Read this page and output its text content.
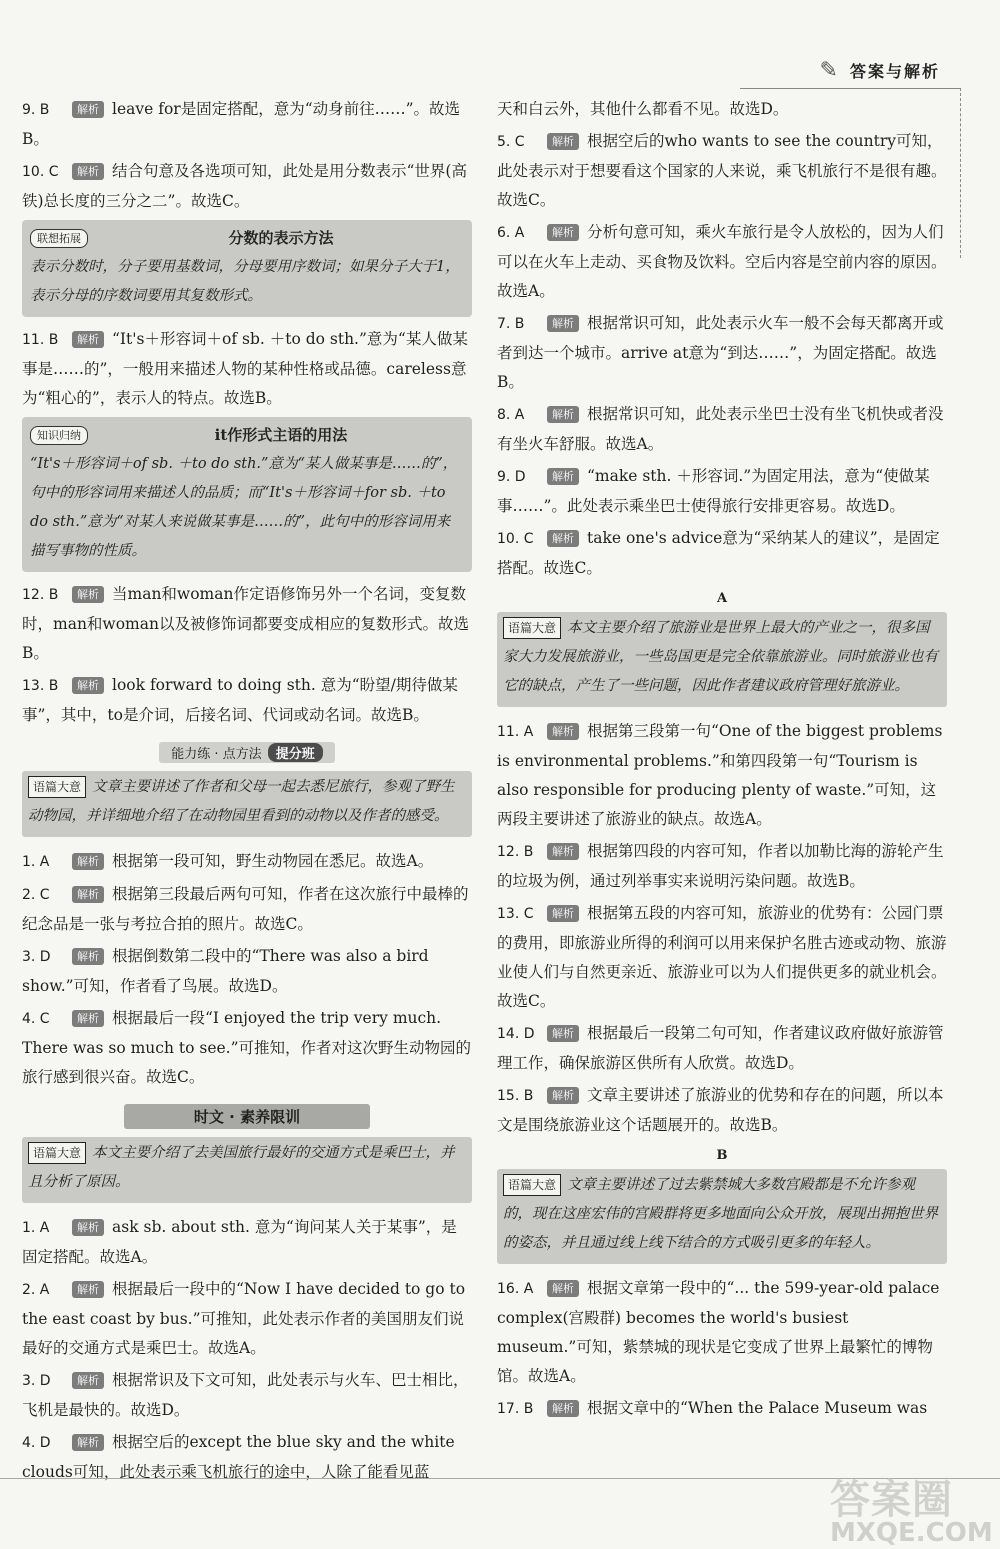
✎ 答案与解析
9. B	解析 leave for是固定搭配，意为“动身前往……”。故选B。
10. C 解析 结合句意及各选项可知，此处是用分数表示“世界(高铁)总长度的三分之二”。故选C。
联想拓展	分数的表示方法
表示分数时，分子要用基数词，分母要用序数词；如果分子大于1，表示分母的序数词要用其复数形式。
11. B 解析 “It's＋形容词＋of sb. ＋to do sth.”意为“某人做某事是……的”，一般用来描述人物的某种性格或品德。careless意为“粗心的”，表示人的特点。故选B。
知识归纳	it作形式主语的用法
“It's＋形容词＋of sb. ＋to do sth.”意为“某人做某事是……的”，句中的形容词用来描述人的品质；而“It's＋形容词＋for sb. ＋to do sth.”意为“对某人来说做某事是……的”，此句中的形容词用来描写事物的性质。
12. B 解析 当man和woman作定语修饰另外一个名词，变复数时，man和woman以及被修饰词都要变成相应的复数形式。故选B。
13. B 解析 look forward to doing sth. 意为“盼望/期待做某事”，其中，to是介词，后接名词、代词或动名词。故选B。
能力练 · 点方法 提分班
语篇大意 文章主要讲述了作者和父母一起去悉尼旅行，参观了野生动物园，并详细地介绍了在动物园里看到的动物以及作者的感受。
1. A	解析 根据第一段可知，野生动物园在悉尼。故选A。
2. C 解析 根据第三段最后两句可知，作者在这次旅行中最棒的纪念品是一张与考拉合拍的照片。故选C。
3. D 解析 根据倒数第二段中的“There was also a bird show.”可知，作者看了鸟展。故选D。
4. C 解析 根据最后一段“I enjoyed the trip very much. There was so much to see.”可推知，作者对这次野生动物园的旅行感到很兴奋。故选C。
时文 · 素养限训
语篇大意 本文主要介绍了去美国旅行最好的交通方式是乘巴士，并且分析了原因。
1. A	解析 ask sb. about sth. 意为“询问某人关于某事”，是固定搭配。故选A。
2. A	解析 根据最后一段中的“Now I have decided to go to the east coast by bus.”可推知，此处表示作者的美国朋友们说最好的交通方式是乘巴士。故选A。
3. D 解析 根据常识及下文可知，此处表示与火车、巴士相比，飞机是最快的。故选D。
4. D 解析 根据空后的except the blue sky and the white clouds可知，此处表示乘飞机旅行的途中，人除了能看见蓝
天和白云外，其他什么都看不见。故选D。
5. C 解析 根据空后的who wants to see the country可知，此处表示对于想要看这个国家的人来说，乘飞机旅行不是很有趣。故选C。
6. A	解析 分析句意可知，乘火车旅行是令人放松的，因为人们可以在火车上走动、买食物及饮料。空后内容是空前内容的原因。故选A。
7. B	解析 根据常识可知，此处表示火车一般不会每天都离开或者到达一个城市。arrive at意为“到达……”，为固定搭配。故选B。
8. A	解析 根据常识可知，此处表示坐巴士没有坐飞机快或者没有坐火车舒服。故选A。
9. D 解析 “make sth. ＋形容词.”为固定用法，意为“使做某事……”。此处表示乘坐巴士使得旅行安排更容易。故选D。
10. C 解析 take one's advice意为“采纳某人的建议”，是固定搭配。故选C。
A
语篇大意 本文主要介绍了旅游业是世界上最大的产业之一，很多国家大力发展旅游业，一些岛国更是完全依靠旅游业。同时旅游业也有它的缺点，产生了一些问题，因此作者建议政府管理好旅游业。
11. A 解析 根据第三段第一句“One of the biggest problems is environmental problems.”和第四段第一句“Tourism is also responsible for producing plenty of waste.”可知，这两段主要讲述了旅游业的缺点。故选A。
12. B 解析 根据第四段的内容可知，作者以加勒比海的游轮产生的垃圾为例，通过列举事实来说明污染问题。故选B。
13. C 解析 根据第五段的内容可知，旅游业的优势有：公园门票的费用，即旅游业所得的利润可以用来保护名胜古迹或动物、旅游业使人们与自然更亲近、旅游业可以为人们提供更多的就业机会。故选C。
14. D 解析 根据最后一段第二句可知，作者建议政府做好旅游管理工作，确保旅游区供所有人欣赏。故选D。
15. B 解析 文章主要讲述了旅游业的优势和存在的问题，所以本文是围绕旅游业这个话题展开的。故选B。
B
语篇大意 文章主要讲述了过去紫禁城大多数宫殿都是不允许参观的，现在这座宏伟的宫殿群将更多地面向公众开放，展现出拥抱世界的姿态，并且通过线上线下结合的方式吸引更多的年轻人。
16. A 解析 根据文章第一段中的“... the 599-year-old palace complex(宫殿群) becomes the world's busiest museum.”可知，紫禁城的现状是它变成了世界上最繁忙的博物馆。故选A。
17. B 解析 根据文章中的“When the Palace Museum was
答案圈
MXQE.COM
